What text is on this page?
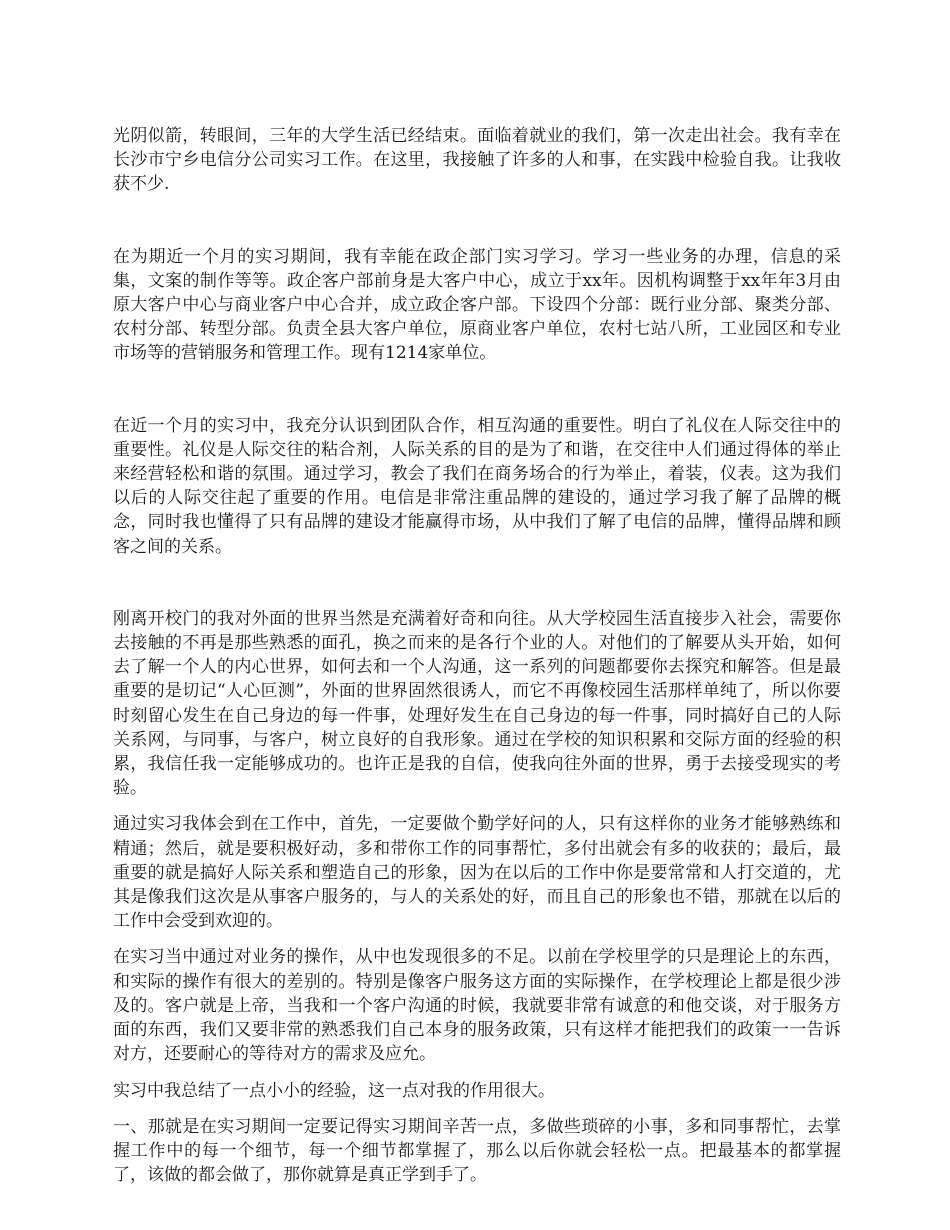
光阴似箭，转眼间，三年的大学生活已经结束。面临着就业的我们，第一次走出社会。我有幸在长沙市宁乡电信分公司实习工作。在这里，我接触了许多的人和事，在实践中检验自我。让我收获不少.

在为期近一个月的实习期间，我有幸能在政企部门实习学习。学习一些业务的办理，信息的采集，文案的制作等等。政企客户部前身是大客户中心，成立于xx年。因机构调整于xx年年3月由原大客户中心与商业客户中心合并，成立政企客户部。下设四个分部：既行业分部、聚类分部、农村分部、转型分部。负责全县大客户单位，原商业客户单位，农村七站八所，工业园区和专业市场等的营销服务和管理工作。现有1214家单位。

在近一个月的实习中，我充分认识到团队合作，相互沟通的重要性。明白了礼仪在人际交往中的重要性。礼仪是人际交往的粘合剂，人际关系的目的是为了和谐，在交往中人们通过得体的举止来经营轻松和谐的氛围。通过学习，教会了我们在商务场合的行为举止，着装，仪表。这为我们以后的人际交往起了重要的作用。电信是非常注重品牌的建设的，通过学习我了解了品牌的概念，同时我也懂得了只有品牌的建设才能赢得市场，从中我们了解了电信的品牌，懂得品牌和顾客之间的关系。

刚离开校门的我对外面的世界当然是充满着好奇和向往。从大学校园生活直接步入社会，需要你去接触的不再是那些熟悉的面孔，换之而来的是各行个业的人。对他们的了解要从头开始，如何去了解一个人的内心世界，如何去和一个人沟通，这一系列的问题都要你去探究和解答。但是最重要的是切记“人心叵测”，外面的世界固然很诱人，而它不再像校园生活那样单纯了，所以你要时刻留心发生在自己身边的每一件事，处理好发生在自己身边的每一件事，同时搞好自己的人际关系网，与同事，与客户，树立良好的自我形象。通过在学校的知识积累和交际方面的经验的积累，我信任我一定能够成功的。也许正是我的自信，使我向往外面的世界，勇于去接受现实的考验。

通过实习我体会到在工作中，首先，一定要做个勤学好问的人，只有这样你的业务才能够熟练和精通；然后，就是要积极好动，多和带你工作的同事帮忙，多付出就会有多的收获的；最后，最重要的就是搞好人际关系和塑造自己的形象，因为在以后的工作中你是要常常和人打交道的，尤其是像我们这次是从事客户服务的，与人的关系处的好，而且自己的形象也不错，那就在以后的工作中会受到欢迎的。

在实习当中通过对业务的操作，从中也发现很多的不足。以前在学校里学的只是理论上的东西，和实际的操作有很大的差别的。特别是像客户服务这方面的实际操作，在学校理论上都是很少涉及的。客户就是上帝，当我和一个客户沟通的时候，我就要非常有诚意的和他交谈，对于服务方面的东西，我们又要非常的熟悉我们自己本身的服务政策，只有这样才能把我们的政策一一告诉对方，还要耐心的等待对方的需求及应允。

实习中我总结了一点小小的经验，这一点对我的作用很大。

一、那就是在实习期间一定要记得实习期间辛苦一点，多做些琐碎的小事，多和同事帮忙，去掌握工作中的每一个细节，每一个细节都掌握了，那么以后你就会轻松一点。把最基本的都掌握了，该做的都会做了，那你就算是真正学到手了。
